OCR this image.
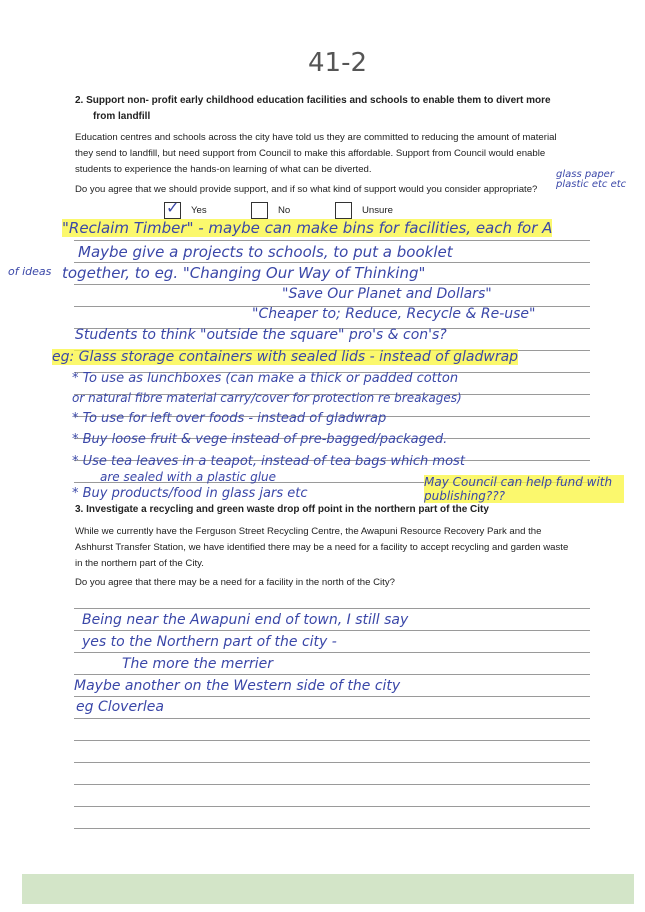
41-2
2. Support non- profit early childhood education facilities and schools to enable them to divert more
from landfill
Education centres and schools across the city have told us they are committed to reducing the amount of material
they send to landfill, but need support from Council to make this affordable. Support from Council would enable
students to experience the hands-on learning of what can be diverted.
Do you agree that we should provide support, and if so what kind of support would you consider appropriate?
glass paper plastic etc etc
✓ Yes	No	Unsure
of ideas
"Reclaim Timber" - maybe can make bins for facilities, each for A
Maybe give a projects to schools, to put a booklet
together, to eg. "Changing Our Way of Thinking"
"Save Our Planet and Dollars"
"Cheaper to; Reduce, Recycle & Re-use"
Students to think "outside the square" pro's & con's?
eg: Glass storage containers with sealed lids - instead of gladwrap
* To use as lunchboxes (can make a thick or padded cotton
or natural fibre material carry/cover for protection re breakages)
* To use for left over foods - instead of gladwrap
* Buy loose fruit & vege instead of pre-bagged/packaged.
* Use tea leaves in a teapot, instead of tea bags which most
are sealed with a plastic glue
* Buy products/food in glass jars etc
May Council can help fund with publishing???
3. Investigate a recycling and green waste drop off point in the northern part of the City
While we currently have the Ferguson Street Recycling Centre, the Awapuni Resource Recovery Park and the
Ashhurst Transfer Station, we have identified there may be a need for a facility to accept recycling and garden waste
in the northern part of the City.
Do you agree that there may be a need for a facility in the north of the City?
Being near the Awapuni end of town, I still say
yes to the Northern part of the city -
The more the merrier
Maybe another on the Western side of the city
eg Cloverlea
